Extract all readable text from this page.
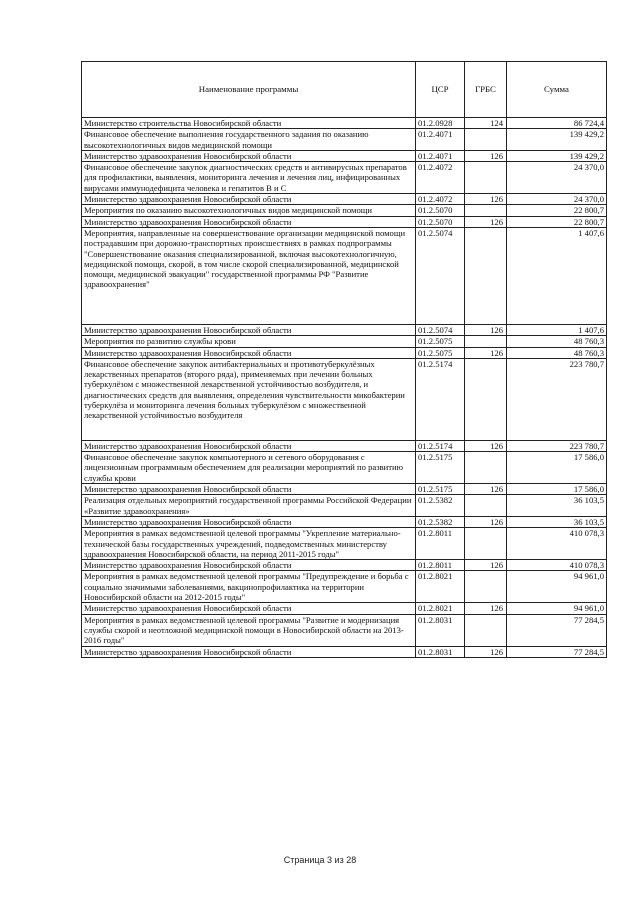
Наименование программы	ЦСР	ГРБС	Сумма
Министерство строительства Новосибирской области	01.2.0928	124	86 724,4
Финансовое обеспечение выполнения государственного задания по оказанию высокотехнологичных видов медицинской помощи	01.2.4071		139 429,2
Министерство здравоохранения Новосибирской области	01.2.4071	126	139 429,2
Финансовое обеспечение закупок диагностических средств и антивирусных препаратов для профилактики, выявления, мониторинга лечения и лечения лиц, инфицированных вирусами иммунодефицита человека и гепатитов В и С	01.2.4072		24 370,0
Министерство здравоохранения Новосибирской области	01.2.4072	126	24 370,0
Мероприятия по оказанию высокотехнологичных видов медицинской помощи	01.2.5070		22 800,7
Министерство здравоохранения Новосибирской области	01.2.5070	126	22 800,7
Мероприятия, направленные на совершенствование организации медицинской помощи пострадавшим при дорожно-транспортных происшествиях в рамках подпрограммы "Совершенствование оказания специализированной, включая высокотехнологичную, медицинской помощи, скорой, в том числе скорой специализированной, медицинской помощи, медицинской эвакуации" государственной программы РФ "Развитие здравоохранения"	01.2.5074		1 407,6
Министерство здравоохранения Новосибирской области	01.2.5074	126	1 407,6
Мероприятия по развитию службы крови	01.2.5075		48 760,3
Министерство здравоохранения Новосибирской области	01.2.5075	126	48 760,3
Финансовое обеспечение закупок антибактериальных и противотуберкулёзных лекарственных препаратов (второго ряда), применяемых при лечении больных туберкулёзом с множественной лекарственной устойчивостью возбудителя, и диагностических средств для выявления, определения чувствительности микобактерии туберкулёза и мониторинга лечения больных туберкулёзом с множественной лекарственной устойчивостью возбудителя	01.2.5174		223 780,7
Министерство здравоохранения Новосибирской области	01.2.5174	126	223 780,7
Финансовое обеспечение закупок компьютерного и сетевого оборудования с лицензионным программным обеспечением для реализации мероприятий по развитию службы крови	01.2.5175		17 586,0
Министерство здравоохранения Новосибирской области	01.2.5175	126	17 586,0
Реализация отдельных мероприятий государственной программы Российской Федерации «Развитие здравоохранения»	01.2.5382		36 103,5
Министерство здравоохранения Новосибирской области	01.2.5382	126	36 103,5
Мероприятия в рамках ведомственной целевой программы "Укрепление материально-технической базы государственных учреждений, подведомственных министерству здравоохранения Новосибирской области, на период 2011-2015 годы"	01.2.8011		410 078,3
Министерство здравоохранения Новосибирской области	01.2.8011	126	410 078,3
Мероприятия в рамках ведомственной целевой программы "Предупреждение и борьба с социально значимыми заболеваниями, вакцинопрофилактика на территории Новосибирской области на 2012-2015 годы"	01.2.8021		94 961,0
Министерство здравоохранения Новосибирской области	01.2.8021	126	94 961,0
Мероприятия в рамках ведомственной целевой программы "Развитие и модернизация службы скорой и неотложной медицинской помощи в Новосибирской области на 2013-2016 годы"	01.2.8031		77 284,5
Министерство здравоохранения Новосибирской области	01.2.8031	126	77 284,5
Страница 3 из 28
